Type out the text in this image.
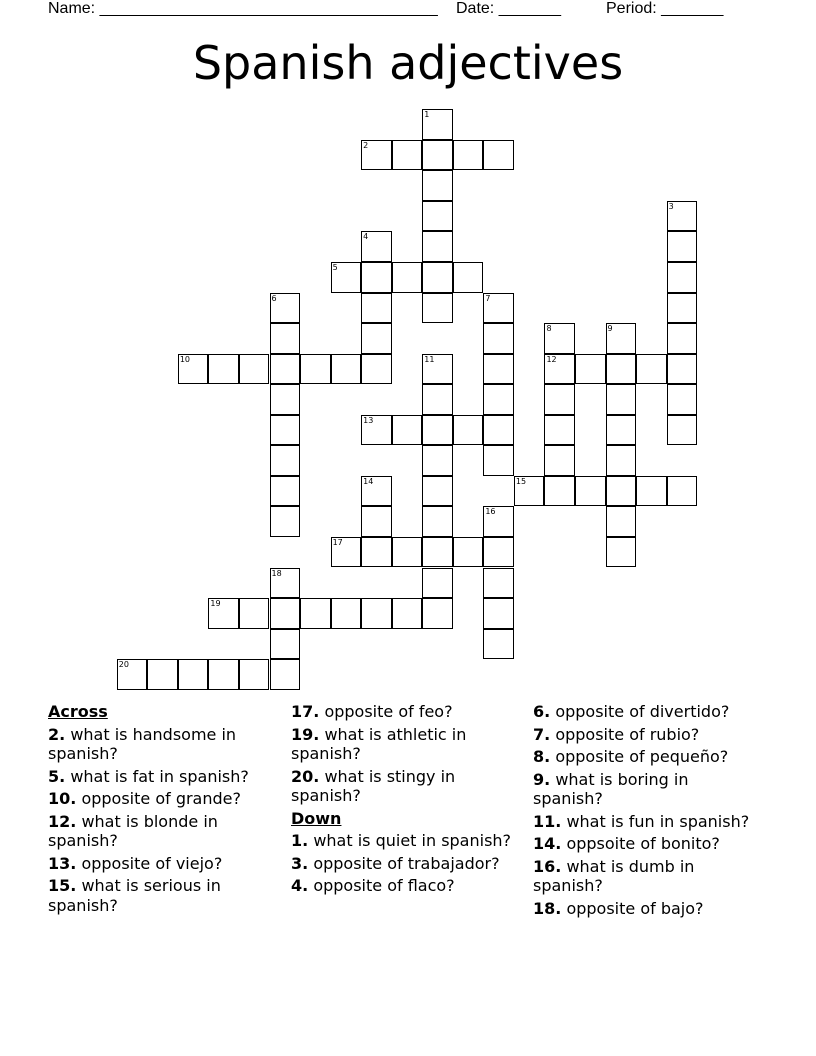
Name: ______________________________________ Date: _______	Period: _______
Spanish adjectives
1
2
3
4
5
6	7
8
12
9
10	11
13
14	15
16
17
18
19
20
Across
2. what is handsome in spanish?
5. what is fat in spanish?
10. opposite of grande?
12. what is blonde in spanish?
13. opposite of viejo?
15. what is serious in spanish?
17. opposite of feo?
19. what is athletic in spanish?
20. what is stingy in spanish?
Down
1. what is quiet in spanish?
3. opposite of trabajador?
4. opposite of flaco?
6. opposite of divertido?
7. opposite of rubio?
8. opposite of pequeño?
9. what is boring in spanish?
11. what is fun in spanish?
14. oppsoite of bonito?
16. what is dumb in spanish?
18. opposite of bajo?
